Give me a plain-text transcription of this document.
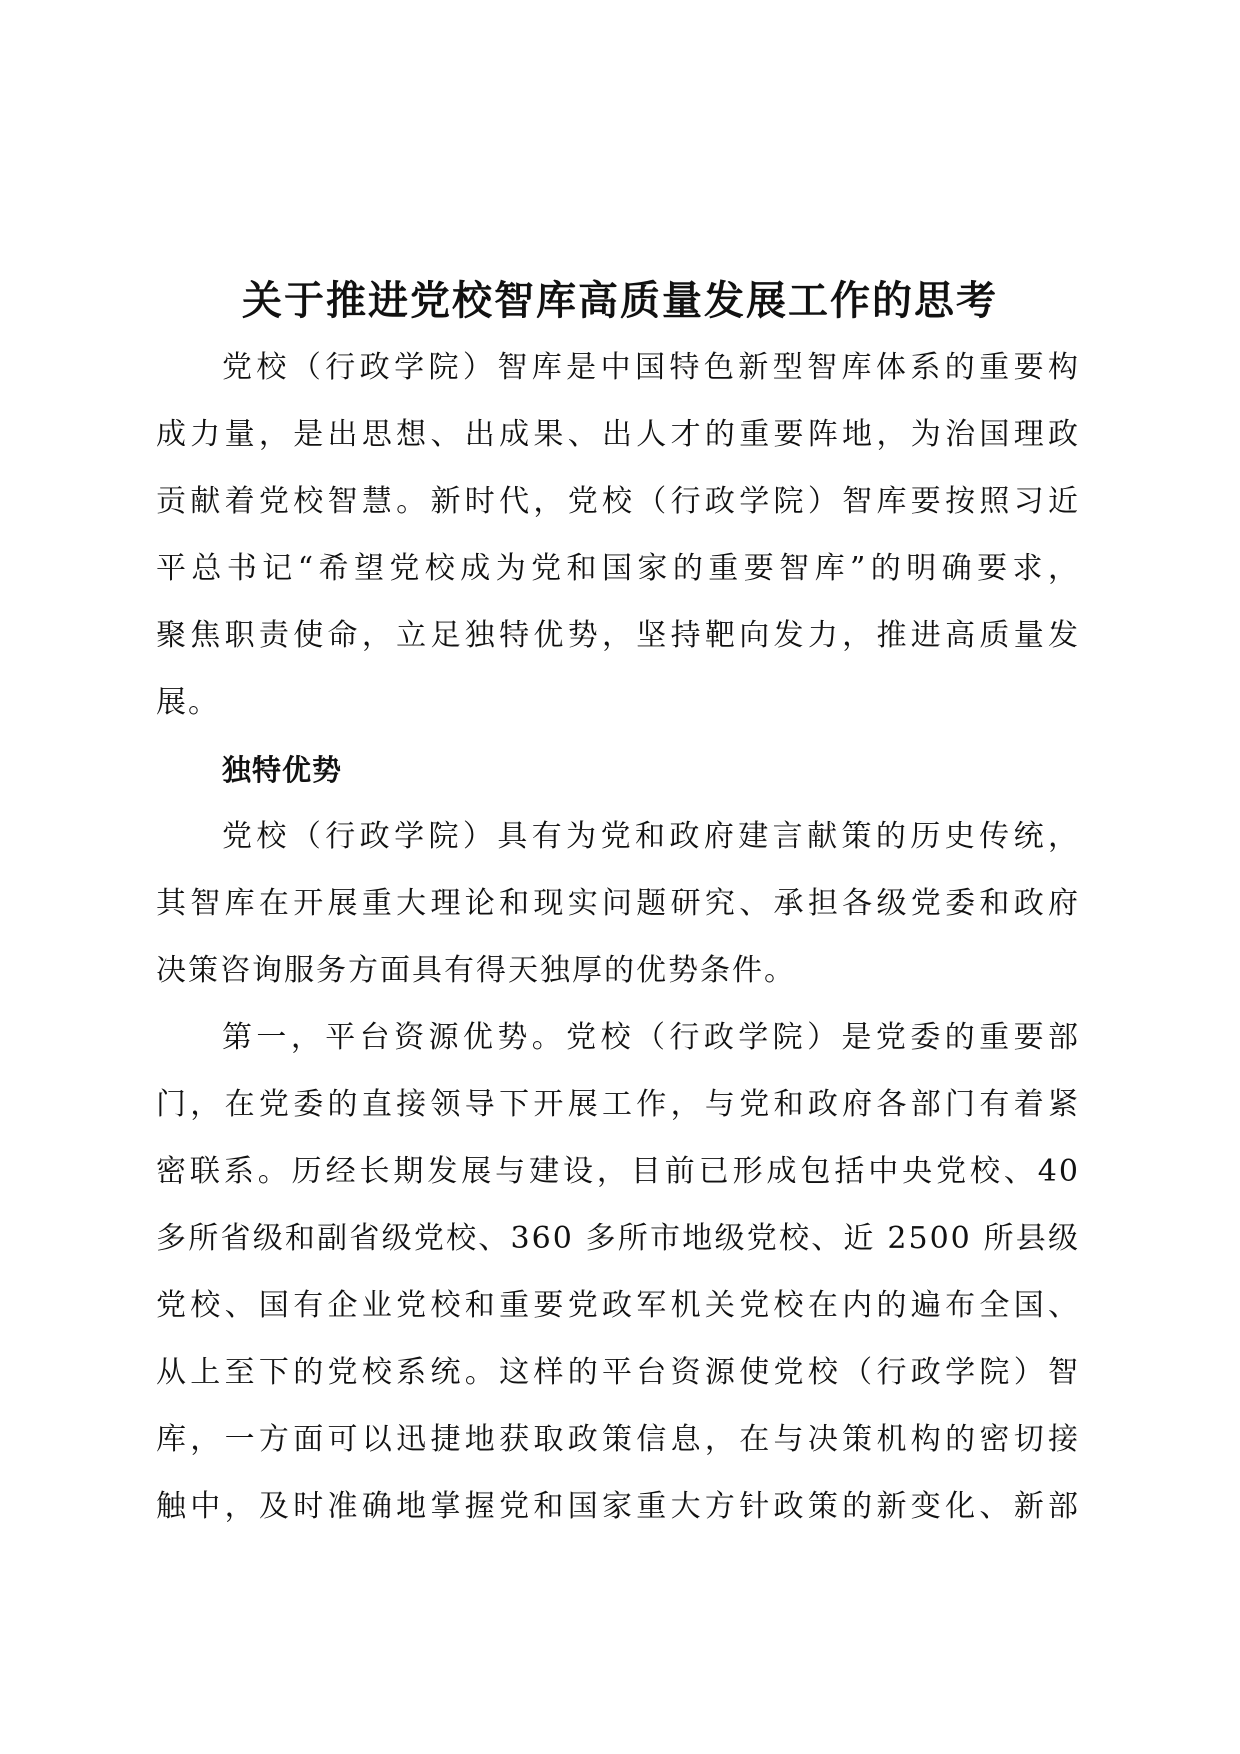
关于推进党校智库高质量发展工作的思考
党校（行政学院）智库是中国特色新型智库体系的重要构
成力量，是出思想、出成果、出人才的重要阵地，为治国理政
贡献着党校智慧。新时代，党校（行政学院）智库要按照习近
平总书记“希望党校成为党和国家的重要智库”的明确要求，
聚焦职责使命，立足独特优势，坚持靶向发力，推进高质量发
展。
独特优势
党校（行政学院）具有为党和政府建言献策的历史传统，
其智库在开展重大理论和现实问题研究、承担各级党委和政府
决策咨询服务方面具有得天独厚的优势条件。
第一，平台资源优势。党校（行政学院）是党委的重要部
门，在党委的直接领导下开展工作，与党和政府各部门有着紧
密联系。历经长期发展与建设，目前已形成包括中央党校、40
多所省级和副省级党校、360 多所市地级党校、近 2500 所县级
党校、国有企业党校和重要党政军机关党校在内的遍布全国、
从上至下的党校系统。这样的平台资源使党校（行政学院）智
库，一方面可以迅捷地获取政策信息，在与决策机构的密切接
触中，及时准确地掌握党和国家重大方针政策的新变化、新部
